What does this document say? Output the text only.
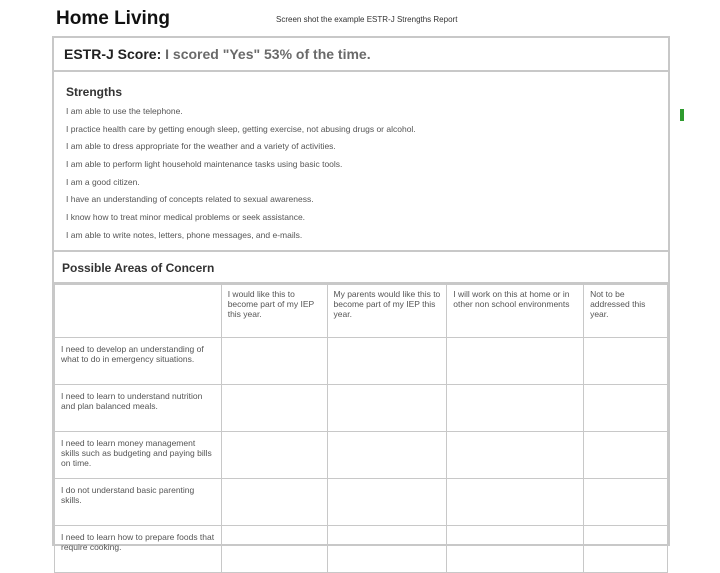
Home Living	Screen shot the example ESTR-J Strengths Report
ESTR-J Score: I scored "Yes" 53% of the time.
Strengths
I am able to use the telephone.
I practice health care by getting enough sleep, getting exercise, not abusing drugs or alcohol.
I am able to dress appropriate for the weather and a variety of activities.
I am able to perform light household maintenance tasks using basic tools.
I am a good citizen.
I have an understanding of concepts related to sexual awareness.
I know how to treat minor medical problems or seek assistance.
I am able to write notes, letters, phone messages, and e-mails.
Possible Areas of Concern
	I would like this to become part of my IEP this year.	My parents would like this to become part of my IEP this year.	I will work on this at home or in other non school environments	Not to be addressed this year.
I need to develop an understanding of what to do in emergency situations.				
I need to learn to understand nutrition and plan balanced meals.				
I need to learn money management skills such as budgeting and paying bills on time.				
I do not understand basic parenting skills.				
I need to learn how to prepare foods that require cooking.				
